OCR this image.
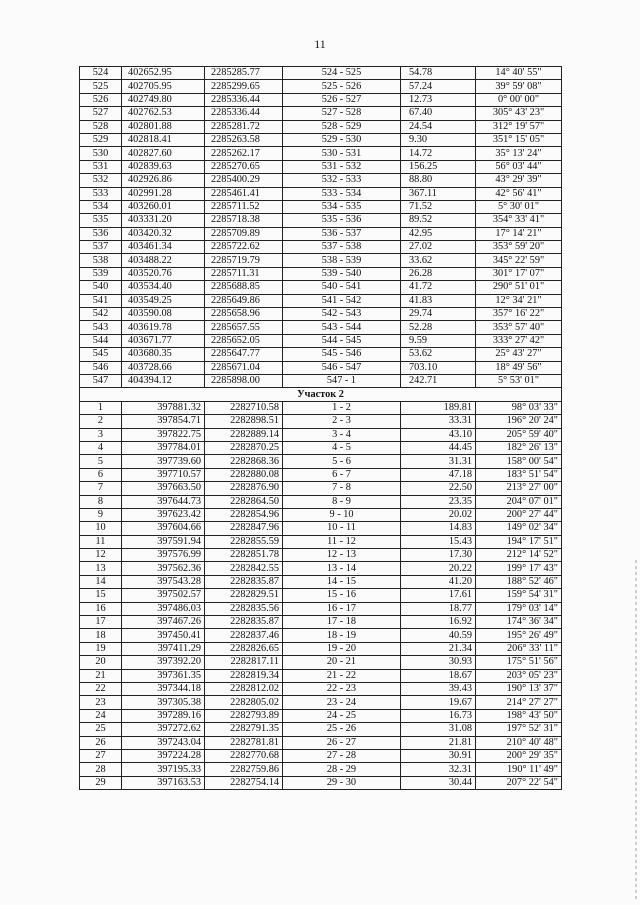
11
524	402652.95	2285285.77	524 - 525	54.78	14° 40' 55"
525	402705.95	2285299.65	525 - 526	57.24	39° 59' 08"
526	402749.80	2285336.44	526 - 527	12.73	0° 00' 00"
527	402762.53	2285336.44	527 - 528	67.40	305° 43' 23"
528	402801.88	2285281.72	528 - 529	24.54	312° 19' 57"
529	402818.41	2285263.58	529 - 530	9.30	351° 15' 05"
530	402827.60	2285262.17	530 - 531	14.72	35° 13' 24"
531	402839.63	2285270.65	531 - 532	156.25	56° 03' 44"
532	402926.86	2285400.29	532 - 533	88.80	43° 29' 39"
533	402991.28	2285461.41	533 - 534	367.11	42° 56' 41"
534	403260.01	2285711.52	534 - 535	71.52	5° 30' 01"
535	403331.20	2285718.38	535 - 536	89.52	354° 33' 41"
536	403420.32	2285709.89	536 - 537	42.95	17° 14' 21"
537	403461.34	2285722.62	537 - 538	27.02	353° 59' 20"
538	403488.22	2285719.79	538 - 539	33.62	345° 22' 59"
539	403520.76	2285711.31	539 - 540	26.28	301° 17' 07"
540	403534.40	2285688.85	540 - 541	41.72	290° 51' 01"
541	403549.25	2285649.86	541 - 542	41.83	12° 34' 21"
542	403590.08	2285658.96	542 - 543	29.74	357° 16' 22"
543	403619.78	2285657.55	543 - 544	52.28	353° 57' 40"
544	403671.77	2285652.05	544 - 545	9.59	333° 27' 42"
545	403680.35	2285647.77	545 - 546	53.62	25° 43' 27"
546	403728.66	2285671.04	546 - 547	703.10	18° 49' 56"
547	404394.12	2285898.00	547 - 1	242.71	5° 53' 01"
Участок 2					
1	397881.32	2282710.58	1 - 2	189.81	98° 03' 33"
2	397854.71	2282898.51	2 - 3	33.31	196° 20' 24"
3	397822.75	2282889.14	3 - 4	43.10	205° 59' 40"
4	397784.01	2282870.25	4 - 5	44.45	182° 26' 13"
5	397739.60	2282868.36	5 - 6	31.31	158° 00' 54"
6	397710.57	2282880.08	6 - 7	47.18	183° 51' 54"
7	397663.50	2282876.90	7 - 8	22.50	213° 27' 00"
8	397644.73	2282864.50	8 - 9	23.35	204° 07' 01"
9	397623.42	2282854.96	9 - 10	20.02	200° 27' 44"
10	397604.66	2282847.96	10 - 11	14.83	149° 02' 34"
11	397591.94	2282855.59	11 - 12	15.43	194° 17' 51"
12	397576.99	2282851.78	12 - 13	17.30	212° 14' 52"
13	397562.36	2282842.55	13 - 14	20.22	199° 17' 43"
14	397543.28	2282835.87	14 - 15	41.20	188° 52' 46"
15	397502.57	2282829.51	15 - 16	17.61	159° 54' 31"
16	397486.03	2282835.56	16 - 17	18.77	179° 03' 14"
17	397467.26	2282835.87	17 - 18	16.92	174° 36' 34"
18	397450.41	2282837.46	18 - 19	40.59	195° 26' 49"
19	397411.29	2282826.65	19 - 20	21.34	206° 33' 11"
20	397392.20	2282817.11	20 - 21	30.93	175° 51' 56"
21	397361.35	2282819.34	21 - 22	18.67	203° 05' 23"
22	397344.18	2282812.02	22 - 23	39.43	190° 13' 37"
23	397305.38	2282805.02	23 - 24	19.67	214° 27' 27"
24	397289.16	2282793.89	24 - 25	16.73	198° 43' 50"
25	397272.62	2282791.35	25 - 26	31.08	197° 52' 31"
26	397243.04	2282781.81	26 - 27	21.81	210° 40' 48"
27	397224.28	2282770.68	27 - 28	30.91	200° 29' 35"
28	397195.33	2282759.86	28 - 29	32.31	190° 11' 49"
29	397163.53	2282754.14	29 - 30	30.44	207° 22' 54"
